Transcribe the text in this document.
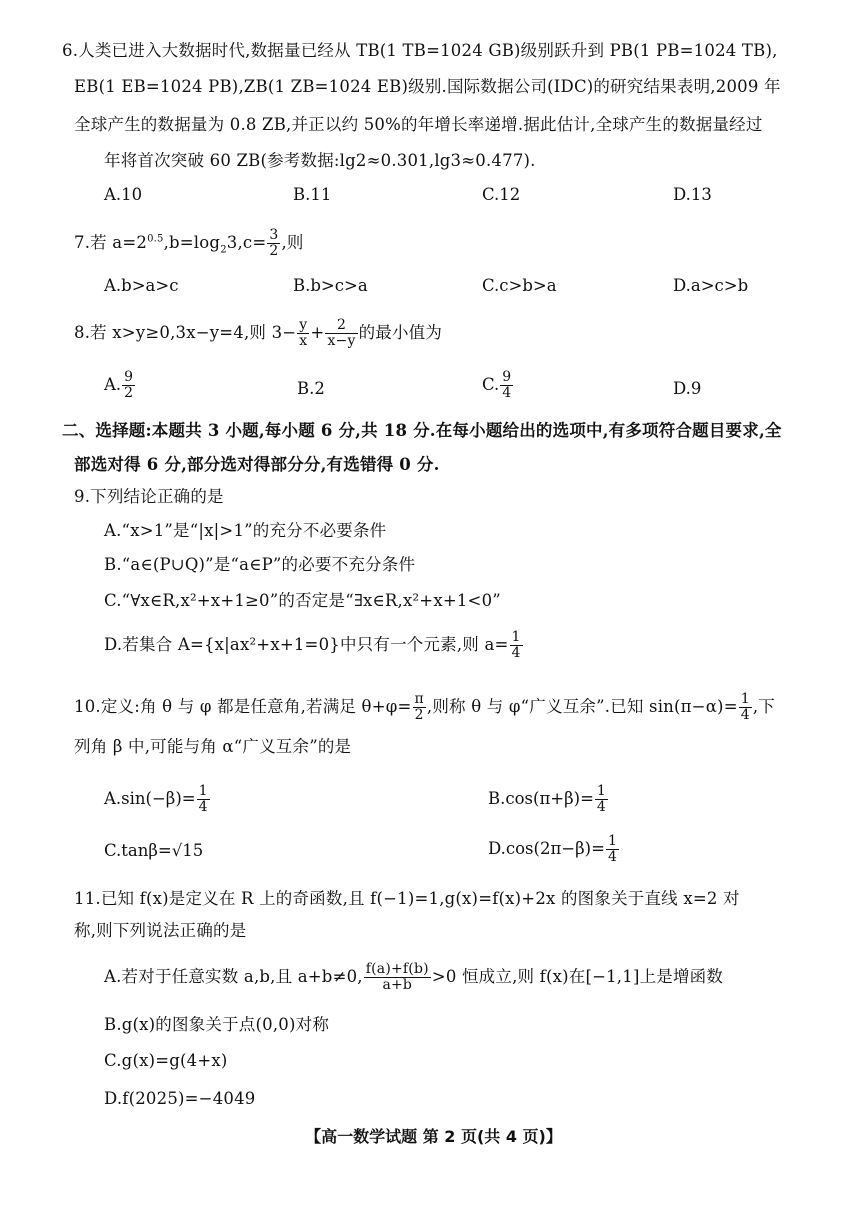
6.人类已进入大数据时代,数据量已经从 TB(1 TB=1024 GB)级别跃升到 PB(1 PB=1024 TB),
EB(1 EB=1024 PB),ZB(1 ZB=1024 EB)级别.国际数据公司(IDC)的研究结果表明,2009 年
全球产生的数据量为 0.8 ZB,并正以约 50%的年增长率递增.据此估计,全球产生的数据量经过
年将首次突破 60 ZB(参考数据:lg2≈0.301,lg3≈0.477).
A.10	B.11	C.12	D.13
7.若 $a=2^{0.5},b=\log_23,c= \frac{3}{2}$ ,则
A.b>a>c	B.b>c>a	C.c>b>a	D.a>c>b
8.若 x>y≥0,3x−y=4,则 $3- \frac{y}{x} + \frac{2}{x-y}$ 的最小值为
A. $\frac{9}{2}$	B.2	C. $\frac{9}{4}$	D.9
二、选择题:本题共 3 小题,每小题 6 分,共 18 分.在每小题给出的选项中,有多项符合题目要求,全
部选对得 6 分,部分选对得部分分,有选错得 0 分.
9.下列结论正确的是
A.“x>1”是“|x|>1”的充分不必要条件
B.“a∈(P∪Q)”是“a∈P”的必要不充分条件
C.“∀x∈R,x²+x+1≥0”的否定是“∃x∈R,x²+x+1<0”
D.若集合 A={x|ax²+x+1=0}中只有一个元素,则 $a= \frac{1}{4}$
10.定义:角 θ 与 φ 都是任意角,若满足 $\theta+\varphi= \frac{\pi}{2}$ ,则称 θ 与 φ“广义互余”.已知 $\sin(\pi-\alpha)= \frac{1}{4}$ ,下
列角 β 中,可能与角 α“广义互余”的是
$A.\sin(-\beta)= \frac{1}{4}$	$B.\cos(\pi+\beta)= \frac{1}{4}$
C.tanβ=√15	$D.\cos(2\pi-\beta)= \frac{1}{4}$
11.已知 f(x)是定义在 R 上的奇函数,且 f(−1)=1,g(x)=f(x)+2x 的图象关于直线 x=2 对
称,则下列说法正确的是
A.若对于任意实数 a,b,且 a+b≠0, $\frac{f(a)+f(b)}{a+b} >0$ 恒成立,则 f(x)在[−1,1]上是增函数
B.g(x)的图象关于点(0,0)对称
C.g(x)=g(4+x)
D.f(2025)=−4049
【高一数学试题 第 2 页(共 4 页)】
